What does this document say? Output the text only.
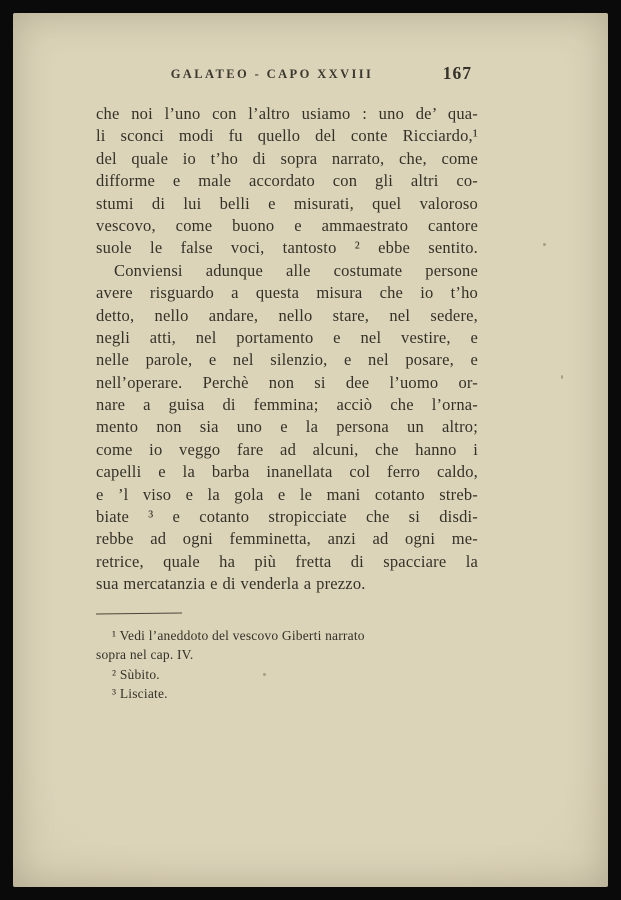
GALATEO - CAPO XXVIII	167
che noi l’uno con l’altro usiamo : uno de’ qua-
li sconci modi fu quello del conte Ricciardo,¹
del quale io t’ho di sopra narrato, che, come
difforme e male accordato con gli altri co-
stumi di lui belli e misurati, quel valoroso
vescovo, come buono e ammaestrato cantore
suole le false voci, tantosto ² ebbe sentito.
Conviensi adunque alle costumate persone
avere risguardo a questa misura che io t’ho
detto, nello andare, nello stare, nel sedere,
negli atti, nel portamento e nel vestire, e
nelle parole, e nel silenzio, e nel posare, e
nell’operare. Perchè non si dee l’uomo or-
nare a guisa di femmina; acciò che l’orna-
mento non sia uno e la persona un altro;
come io veggo fare ad alcuni, che hanno i
capelli e la barba inanellata col ferro caldo,
e ’l viso e la gola e le mani cotanto streb-
biate ³ e cotanto stropicciate che si disdi-
rebbe ad ogni femminetta, anzi ad ogni me-
retrice, quale ha più fretta di spacciare la
sua mercatanzia e di venderla a prezzo.
¹ Vedi l’aneddoto del vescovo Giberti narrato
sopra nel cap. IV.
² Sùbito.
³ Lisciate.
